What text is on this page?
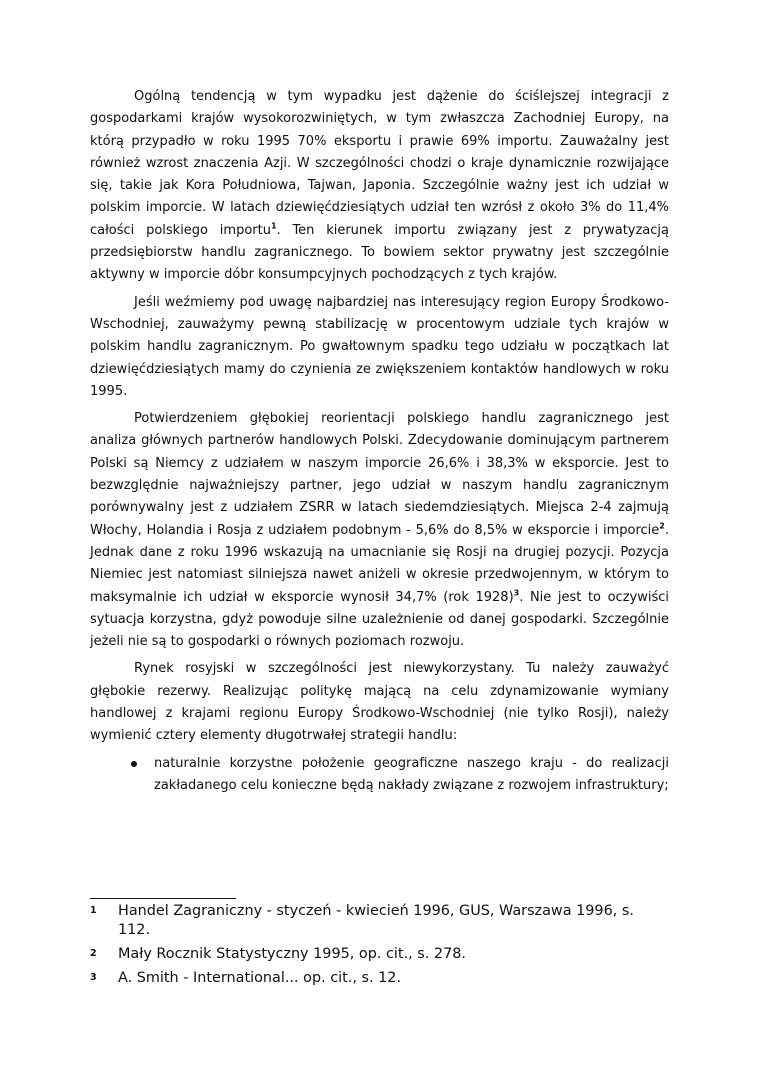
Ogólną tendencją w tym wypadku jest dążenie do ściślejszej integracji z gospodarkami krajów wysokorozwiniętych, w tym zwłaszcza Zachodniej Europy, na którą przypadło w roku 1995 70% eksportu i prawie 69% importu. Zauważalny jest również wzrost znaczenia Azji. W szczególności chodzi o kraje dynamicznie rozwijające się, takie jak Kora Południowa, Tajwan, Japonia. Szczególnie ważny jest ich udział w polskim imporcie. W latach dziewięćdziesiątych udział ten wzrósł z około 3% do 11,4% całości polskiego importu$^1$. Ten kierunek importu związany jest z prywatyzacją przedsiębiorstw handlu zagranicznego. To bowiem sektor prywatny jest szczególnie aktywny w imporcie dóbr konsumpcyjnych pochodzących z tych krajów.

Jeśli weźmiemy pod uwagę najbardziej nas interesujący region Europy Środkowo-Wschodniej, zauważymy pewną stabilizację w procentowym udziale tych krajów w polskim handlu zagranicznym. Po gwałtownym spadku tego udziału w początkach lat dziewięćdziesiątych mamy do czynienia ze zwiększeniem kontaktów handlowych w roku 1995.

Potwierdzeniem głębokiej reorientacji polskiego handlu zagranicznego jest analiza głównych partnerów handlowych Polski. Zdecydowanie dominującym partnerem Polski są Niemcy z udziałem w naszym imporcie 26,6% i 38,3% w eksporcie. Jest to bezwzględnie najważniejszy partner, jego udział w naszym handlu zagranicznym porównywalny jest z udziałem ZSRR w latach siedemdziesiątych. Miejsca 2-4 zajmują Włochy, Holandia i Rosja z udziałem podobnym - 5,6% do 8,5% w eksporcie i imporcie$^2$. Jednak dane z roku 1996 wskazują na umacnianie się Rosji na drugiej pozycji. Pozycja Niemiec jest natomiast silniejsza nawet aniżeli w okresie przedwojennym, w którym to maksymalnie ich udział w eksporcie wynosił 34,7% (rok 1928)$^3$. Nie jest to oczywiści sytuacja korzystna, gdyż powoduje silne uzależnienie od danej gospodarki. Szczególnie jeżeli nie są to gospodarki o równych poziomach rozwoju.

Rynek rosyjski w szczególności jest niewykorzystany. Tu należy zauważyć głębokie rezerwy. Realizując politykę mającą na celu zdynamizowanie wymiany handlowej z krajami regionu Europy Środkowo-Wschodniej (nie tylko Rosji), należy wymienić cztery elementy długotrwałej strategii handlu:

naturalnie korzystne położenie geograficzne naszego kraju - do realizacji zakładanego celu konieczne będą nakłady związane z rozwojem infrastruktury;
1 Handel Zagraniczny - styczeń - kwiecień 1996, GUS, Warszawa 1996, s. 112.
2 Mały Rocznik Statystyczny 1995, op. cit., s. 278.
3 A. Smith - International... op. cit., s. 12.
